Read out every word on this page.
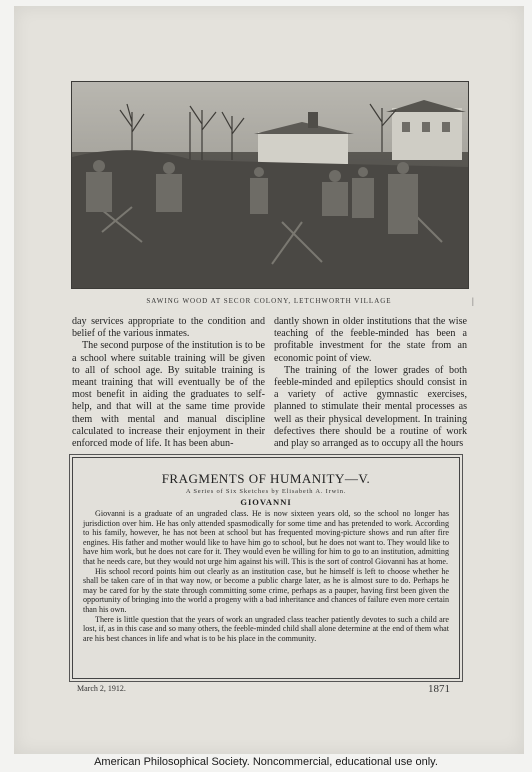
SAWING WOOD AT SECOR COLONY, LETCHWORTH VILLAGE	|

day services appropriate to the condition and belief of the various inmates.

The second purpose of the institution is to be a school where suitable training will be given to all of school age. By suitable training is meant training that will eventually be of the most benefit in aiding the graduates to self-help, and that will at the same time provide them with mental and manual discipline calculated to increase their enjoyment in their enforced mode of life. It has been abun-

dantly shown in older institutions that the wise teaching of the feeble-minded has been a profitable investment for the state from an economic point of view.

The training of the lower grades of both feeble-minded and epileptics should consist in a variety of active gymnastic exercises, planned to stimulate their mental processes as well as their physical development. In training defectives there should be a routine of work and play so arranged as to occupy all the hours

FRAGMENTS OF HUMANITY—V.
A Series of Six Sketches by Elisabeth A. Irwin.
GIOVANNI

Giovanni is a graduate of an ungraded class. He is now sixteen years old, so the school no longer has jurisdiction over him. He has only attended spasmodically for some time and has pretended to work. According to his family, however, he has not been at school but has frequented moving-picture shows and run after fire engines. His father and mother would like to have him go to school, but he does not want to. They would like to have him work, but he does not care for it. They would even be willing for him to go to an institution, admitting that he needs care, but they would not urge him against his will. This is the sort of control Giovanni has at home.

His school record points him out clearly as an institution case, but he himself is left to choose whether he shall be taken care of in that way now, or become a public charge later, as he is almost sure to do. Perhaps he may be cared for by the state through committing some crime, perhaps as a pauper, having first been given the opportunity of bringing into the world a progeny with a bad inheritance and chances of failure even more certain than his own.

There is little question that the years of work an ungraded class teacher patiently devotes to such a child are lost, if, as in this case and so many others, the feeble-minded child shall alone determine at the end of them what are his best chances in life and what is to be his place in the community.

March 2, 1912.	1871
American Philosophical Society. Noncommercial, educational use only.
